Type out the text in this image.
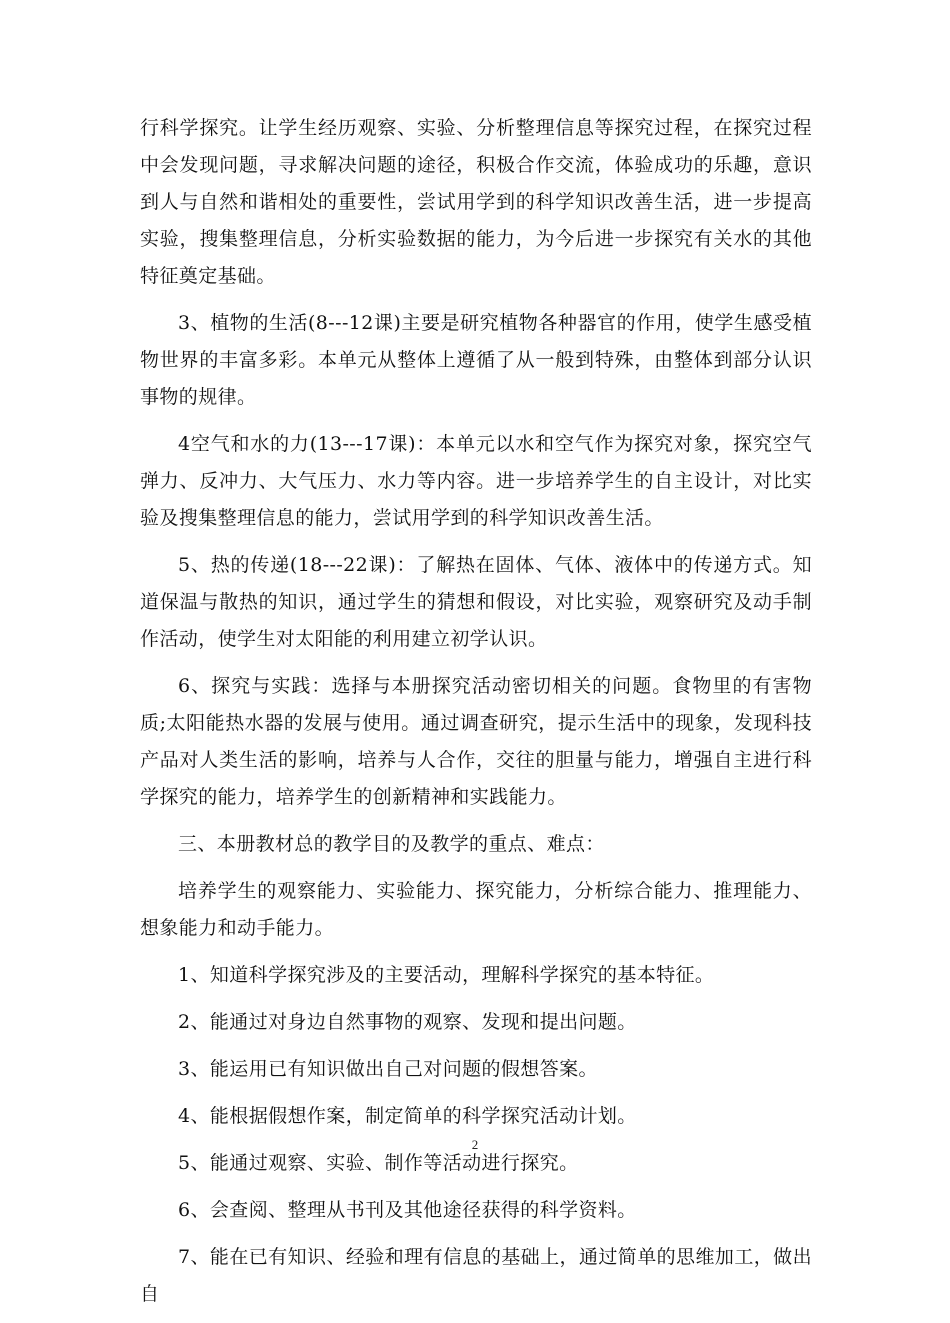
行科学探究。让学生经历观察、实验、分析整理信息等探究过程，在探究过程中会发现问题，寻求解决问题的途径，积极合作交流，体验成功的乐趣，意识到人与自然和谐相处的重要性，尝试用学到的科学知识改善生活，进一步提高实验，搜集整理信息，分析实验数据的能力，为今后进一步探究有关水的其他特征奠定基础。

3、植物的生活(8---12课)主要是研究植物各种器官的作用，使学生感受植物世界的丰富多彩。本单元从整体上遵循了从一般到特殊，由整体到部分认识事物的规律。

4空气和水的力(13---17课)：本单元以水和空气作为探究对象，探究空气弹力、反冲力、大气压力、水力等内容。进一步培养学生的自主设计，对比实验及搜集整理信息的能力，尝试用学到的科学知识改善生活。

5、热的传递(18---22课)：了解热在固体、气体、液体中的传递方式。知道保温与散热的知识，通过学生的猜想和假设，对比实验，观察研究及动手制作活动，使学生对太阳能的利用建立初学认识。

6、探究与实践：选择与本册探究活动密切相关的问题。食物里的有害物质;太阳能热水器的发展与使用。通过调查研究，提示生活中的现象，发现科技产品对人类生活的影响，培养与人合作，交往的胆量与能力，增强自主进行科学探究的能力，培养学生的创新精神和实践能力。

三、本册教材总的教学目的及教学的重点、难点：

培养学生的观察能力、实验能力、探究能力，分析综合能力、推理能力、想象能力和动手能力。

1、知道科学探究涉及的主要活动，理解科学探究的基本特征。

2、能通过对身边自然事物的观察、发现和提出问题。

3、能运用已有知识做出自己对问题的假想答案。

4、能根据假想作案，制定简单的科学探究活动计划。

5、能通过观察、实验、制作等活动进行探究。

6、会查阅、整理从书刊及其他途径获得的科学资料。

7、能在已有知识、经验和理有信息的基础上，通过简单的思维加工，做出自

2
